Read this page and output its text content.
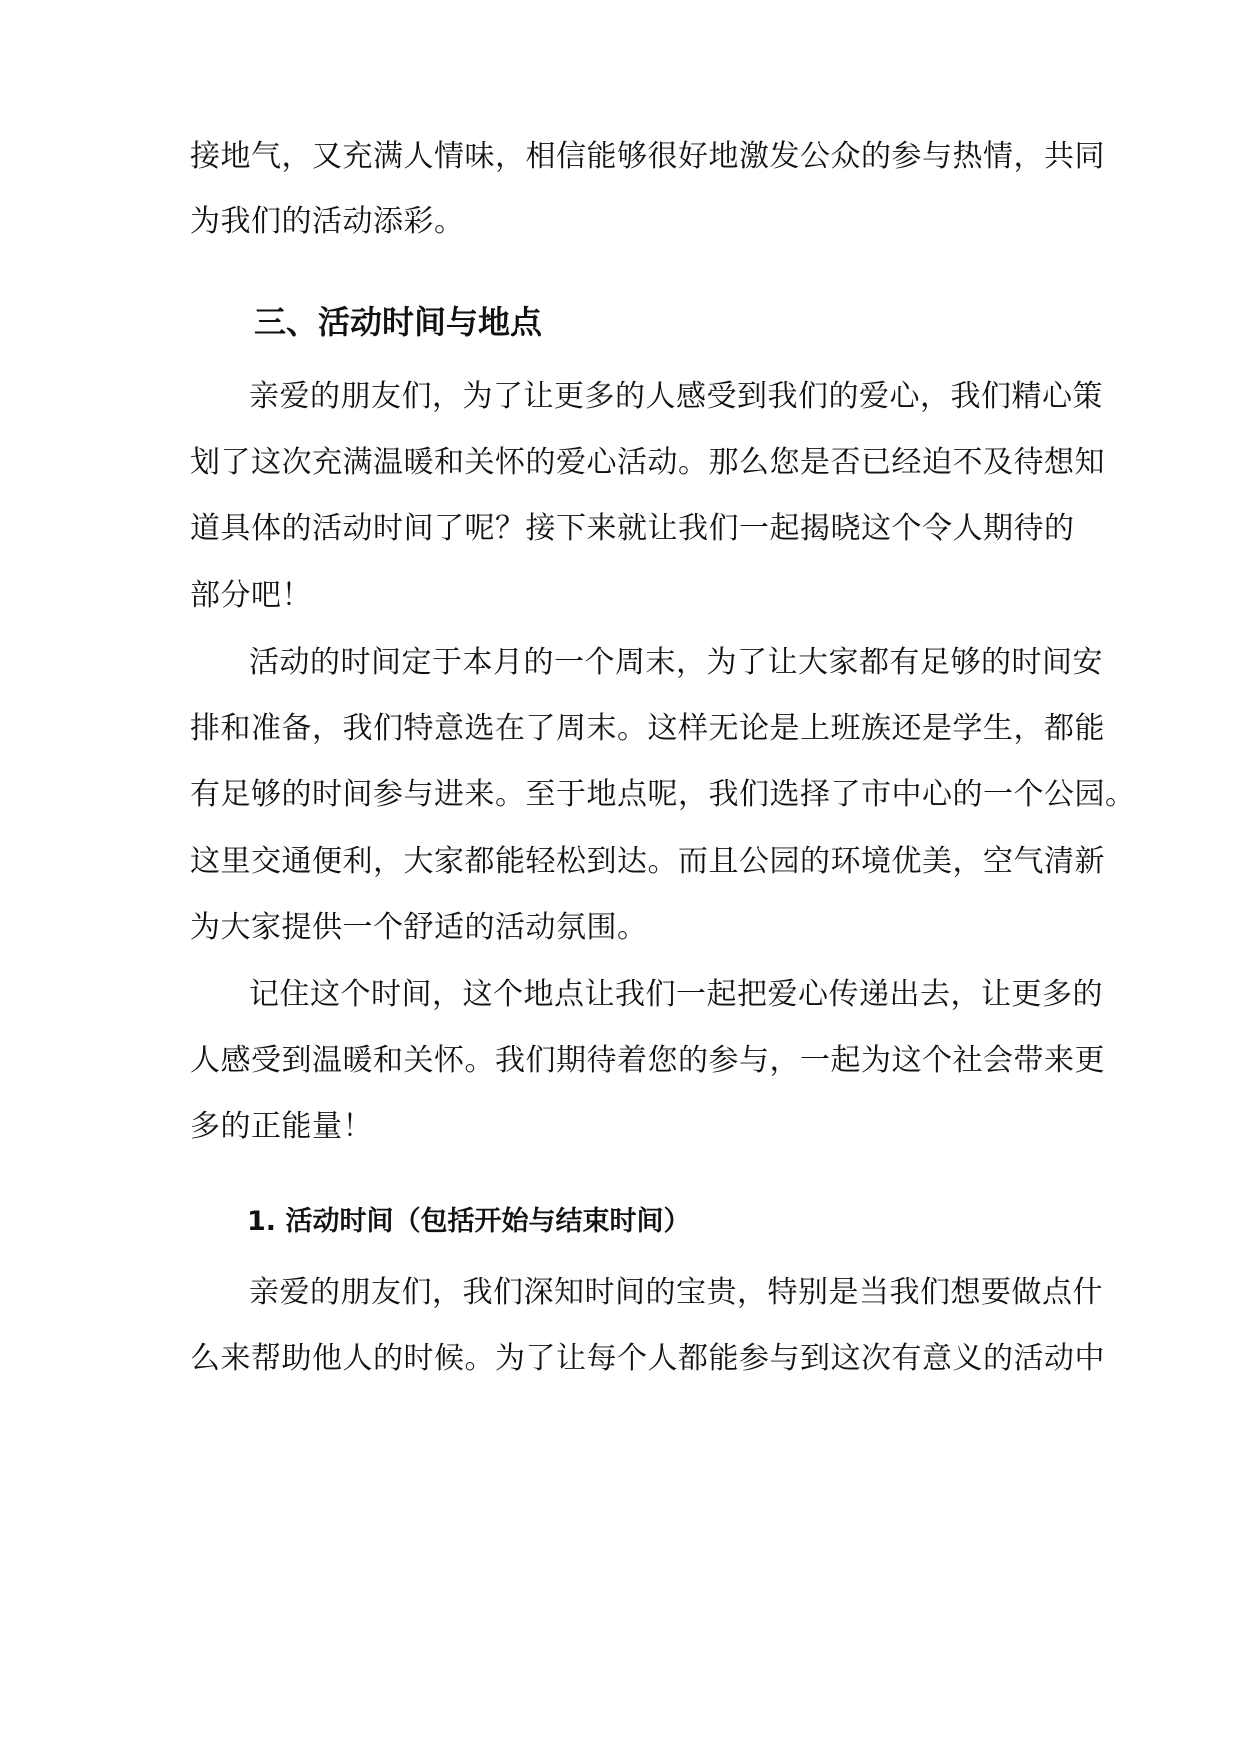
接地气，又充满人情味，相信能够很好地激发公众的参与热情，共同
为我们的活动添彩。
三、活动时间与地点
亲爱的朋友们，为了让更多的人感受到我们的爱心，我们精心策
划了这次充满温暖和关怀的爱心活动。那么您是否已经迫不及待想知
道具体的活动时间了呢？接下来就让我们一起揭晓这个令人期待的
部分吧！
活动的时间定于本月的一个周末，为了让大家都有足够的时间安
排和准备，我们特意选在了周末。这样无论是上班族还是学生，都能
有足够的时间参与进来。至于地点呢，我们选择了市中心的一个公园。
这里交通便利，大家都能轻松到达。而且公园的环境优美，空气清新
为大家提供一个舒适的活动氛围。
记住这个时间，这个地点让我们一起把爱心传递出去，让更多的
人感受到温暖和关怀。我们期待着您的参与，一起为这个社会带来更
多的正能量！
1. 活动时间（包括开始与结束时间）
亲爱的朋友们，我们深知时间的宝贵，特别是当我们想要做点什
么来帮助他人的时候。为了让每个人都能参与到这次有意义的活动中
